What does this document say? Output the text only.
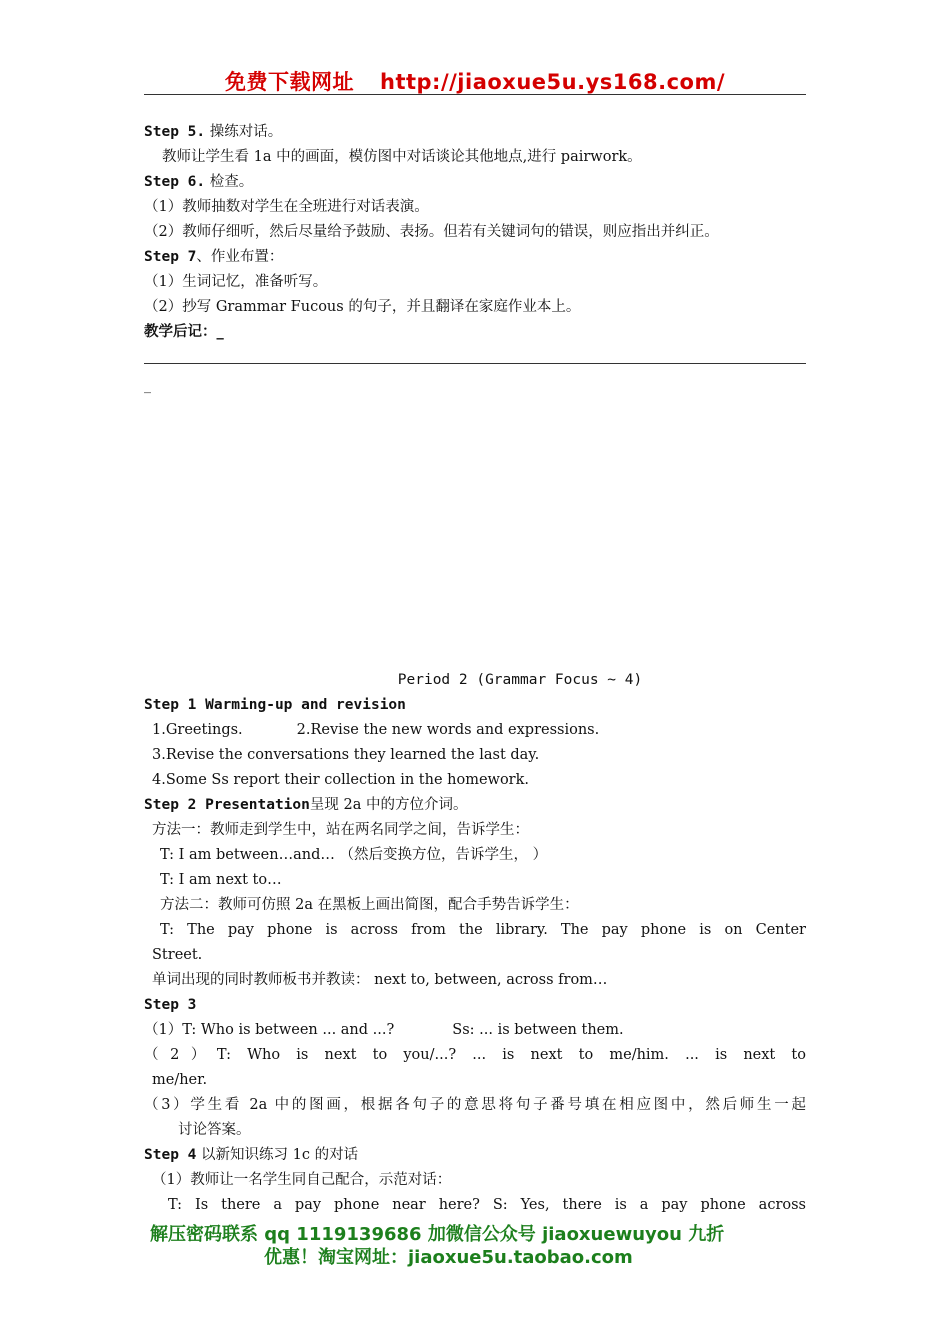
免费下载网址 http://jiaoxue5u.ys168.com/
Step 5. 操练对话。
教师让学生看 1a 中的画面，模仿图中对话谈论其他地点,进行 pairwork。
Step 6. 检查。
（1）教师抽数对学生在全班进行对话表演。
（2）教师仔细听，然后尽量给予鼓励、表扬。但若有关键词句的错误，则应指出并纠正。
Step 7、作业布置：
（1）生词记忆，准备听写。
（2）抄写 Grammar Fucous 的句子，并且翻译在家庭作业本上。
教学后记：_
_
Period 2 (Grammar Focus ~ 4)
Step 1 Warming-up and revision
1.Greetings.	2.Revise the new words and expressions.
3.Revise the conversations they learned the last day.
4.Some Ss report their collection in the homework.
Step 2 Presentation呈现 2a 中的方位介词。
方法一：教师走到学生中，站在两名同学之间，告诉学生：
T: I am between…and… （然后变换方位，告诉学生， ）
T: I am next to…
方法二：教师可仿照 2a 在黑板上画出简图，配合手势告诉学生：
T: The pay phone is across from the library. The pay phone is on Center
Street.
单词出现的同时教师板书并教读： next to, between, across from…
Step 3
（1）T: Who is between ... and ...?	Ss: ... is between them.
（2）T: Who is next to you/...? ... is next to me/him. ... is next to
me/her.
（3）学生看 2a 中的图画，根据各句子的意思将句子番号填在相应图中，然后师生一起
讨论答案。
Step 4 以新知识练习 1c 的对话
（1）教师让一名学生同自己配合，示范对话：
T: Is there a pay phone near here? S: Yes, there is a pay phone across
解压密码联系 qq 1119139686 加微信公众号 jiaoxuewuyou 九折
优惠！淘宝网址：jiaoxue5u.taobao.com
